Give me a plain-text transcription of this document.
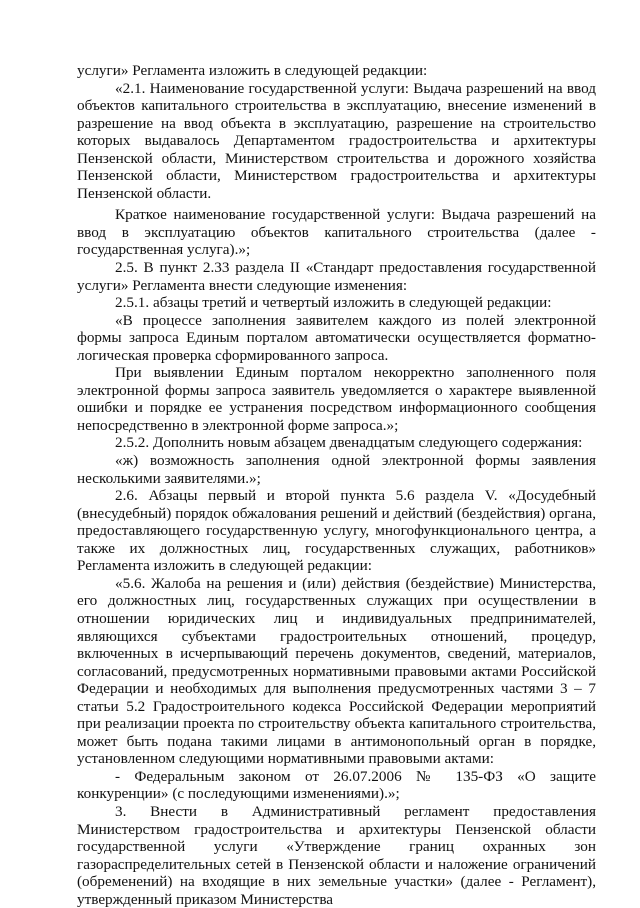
услуги» Регламента изложить в следующей редакции:

«2.1. Наименование государственной услуги: Выдача разрешений на ввод объектов капитального строительства в эксплуатацию, внесение изменений в разрешение на ввод объекта в эксплуатацию, разрешение на строительство которых выдавалось Департаментом градостроительства и архитектуры Пензенской области, Министерством строительства и дорожного хозяйства Пензенской области, Министерством градостроительства и архитектуры Пензенской области.

Краткое наименование государственной услуги: Выдача разрешений на ввод в эксплуатацию объектов капитального строительства (далее - государственная услуга).»;

2.5. В пункт 2.33 раздела II «Стандарт предоставления государственной услуги» Регламента внести следующие изменения:

2.5.1. абзацы третий и четвертый изложить в следующей редакции:

«В процессе заполнения заявителем каждого из полей электронной формы запроса Единым порталом автоматически осуществляется форматно-логическая проверка сформированного запроса.

При выявлении Единым порталом некорректно заполненного поля электронной формы запроса заявитель уведомляется о характере выявленной ошибки и порядке ее устранения посредством информационного сообщения непосредственно в электронной форме запроса.»;

2.5.2. Дополнить новым абзацем двенадцатым следующего содержания:

«ж) возможность заполнения одной электронной формы заявления несколькими заявителями.»;

2.6. Абзацы первый и второй пункта 5.6 раздела V. «Досудебный (внесудебный) порядок обжалования решений и действий (бездействия) органа, предоставляющего государственную услугу, многофункционального центра, а также их должностных лиц, государственных служащих, работников» Регламента изложить в следующей редакции:

«5.6. Жалоба на решения и (или) действия (бездействие) Министерства, его должностных лиц, государственных служащих при осуществлении в отношении юридических лиц и индивидуальных предпринимателей, являющихся субъектами градостроительных отношений, процедур, включенных в исчерпывающий перечень документов, сведений, материалов, согласований, предусмотренных нормативными правовыми актами Российской Федерации и необходимых для выполнения предусмотренных частями 3 – 7 статьи 5.2 Градостроительного кодекса Российской Федерации мероприятий при реализации проекта по строительству объекта капитального строительства, может быть подана такими лицами в антимонопольный орган в порядке, установленном следующими нормативными правовыми актами:

- Федеральным законом от 26.07.2006 № 135-ФЗ «О защите конкуренции» (с последующими изменениями).»;

3. Внести в Административный регламент предоставления Министерством градостроительства и архитектуры Пензенской области государственной услуги «Утверждение границ охранных зон газораспределительных сетей в Пензенской области и наложение ограничений (обременений) на входящие в них земельные участки» (далее - Регламент), утвержденный приказом Министерства
